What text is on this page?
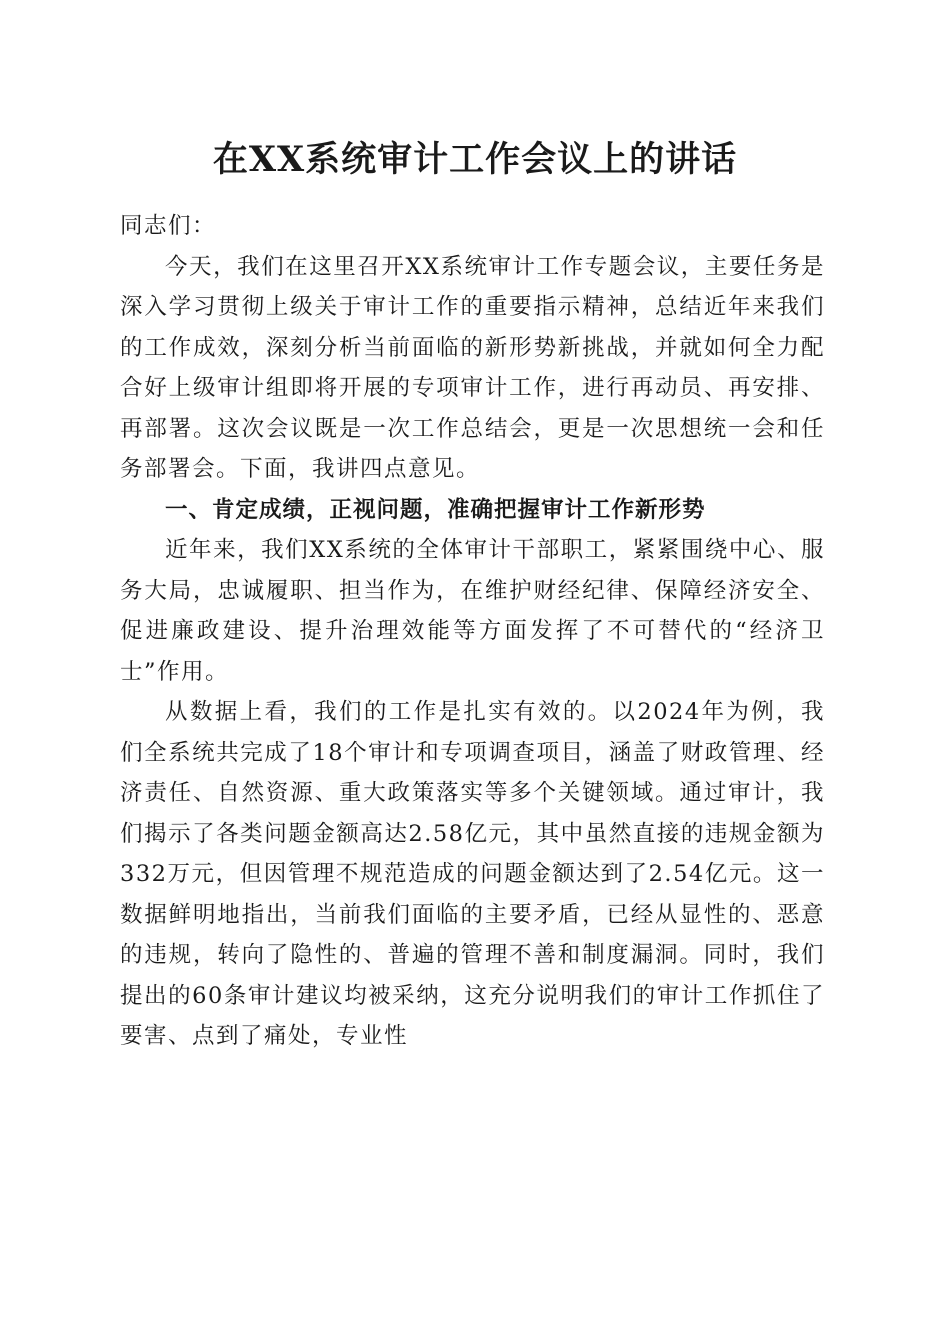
在XX系统审计工作会议上的讲话

同志们：

今天，我们在这里召开XX系统审计工作专题会议，主要任务是深入学习贯彻上级关于审计工作的重要指示精神，总结近年来我们的工作成效，深刻分析当前面临的新形势新挑战，并就如何全力配合好上级审计组即将开展的专项审计工作，进行再动员、再安排、再部署。这次会议既是一次工作总结会，更是一次思想统一会和任务部署会。下面，我讲四点意见。

一、肯定成绩，正视问题，准确把握审计工作新形势

近年来，我们XX系统的全体审计干部职工，紧紧围绕中心、服务大局，忠诚履职、担当作为，在维护财经纪律、保障经济安全、促进廉政建设、提升治理效能等方面发挥了不可替代的“经济卫士”作用。

从数据上看，我们的工作是扎实有效的。以2024年为例，我们全系统共完成了18个审计和专项调查项目，涵盖了财政管理、经济责任、自然资源、重大政策落实等多个关键领域。通过审计，我们揭示了各类问题金额高达2.58亿元，其中虽然直接的违规金额为332万元，但因管理不规范造成的问题金额达到了2.54亿元。这一数据鲜明地指出，当前我们面临的主要矛盾，已经从显性的、恶意的违规，转向了隐性的、普遍的管理不善和制度漏洞。同时，我们提出的60条审计建议均被采纳，这充分说明我们的审计工作抓住了要害、点到了痛处，专业性
